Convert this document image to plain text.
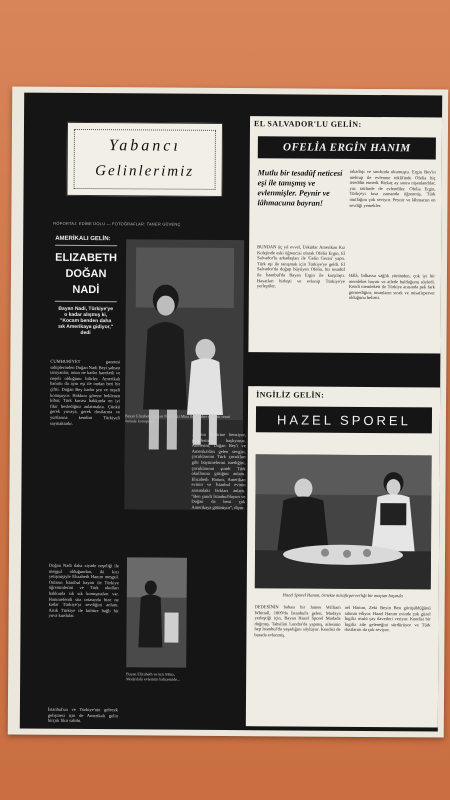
Yabancı
Gelinlerimiz
RÖPORTAJ: EDİBE DOLU — FOTOĞRAFLAR: TANER GÜVENÇ
AMERİKALI GELİN:
ELIZABETH
DOĞAN
NADİ
Bayan Nadi, Türkiye'ye o kadar alışmış ki, "Kocam benden daha sık Amerikaya gidiyor," dedi
CUMHURİYET gazetesi sahiplerinden Doğan Nadi Beyi şahsen tanıyanlar, onun ne kadar hareketli ve neşeli olduğunu bilirler. Amerikalı hanımı da aynı eşi ile ondan beri bir çiftti. Doğan Bey kadar şen ve neşeli konuşuyor. Hakkını görene beklenen kibar, Türk kocası hakkında en iyi fikir beslediğini anlatmakta. Çünkü gerek yuvaya, gerek dostlarına ve yurtlarına kendini Türkiyeli saymaktadır.
Doğan Nadi daha ziyade neşeliği ile meşgul olduğundan, iki kızı yetişmişiyle Elizabeth Hanım meşgul. Onların İstanbul hayatı ile Türkiye öğrenimlerini ve Türk okulları hakkında sık sık konuşmaları var. Hanımefendi söz ortasında bize ne kadar Türkiye'yi sevdiğini anlattı. Artık Türkiye ile kültüre bağlı bir yuva kurdular.
İstanbul'un ve Türkiye'nin gelecek gelişmesi için de Amerikalı gelin birçok fikir sahibi.
Bayan Elizabeth Doğan Nadi, kızı Mina ile beraber evin bir resmi önünde konuşuyor.
… nın birbirine benziyor, şehirlerini başlıyoruz. Ailelerini, Doğan Bey'i ve Amerika'dan gelen sevgisi, çocuklarının Türk çocukları gibi büyümelerini istediğini, çocuklarının şimdi Türk okullarına gittiğini anlattı. Elizabeth Hanım, Amerikan evinin ve İstanbul evinin arasındaki farkları anlattı. "Ben şimdi İstanbul'dayım ve Doğan da beni çok Amerikaya götürüyor", diyor.
Bayan Elizabeth ve kızı Mina, Moda'daki evlerinin bahçesinde...
EL SALVADOR'LU GELİN:
OFELİA ERGİN HANIM
Mutlu bir tesadüf neticesi eşi ile tanışmış ve evlenmişler. Peynir ve lâhmacuna bayran!
BUNDAN üç yıl evvel, Üsküdar Amerikan Kız Kolejinde eski öğrencisi olarak Ofelia Ergin, El Salvador'lu arkadaşları ile 'Gelin Gezisi' yaptı. Türk eşi ile tanışmak için Türkiye'ye geldi. El Salvador'da doğup büyüyen Ofelia, bir tesadüf ile İstanbul'da Bayan Ergin ile karşılaştı. Hayatları birleşti ve evlenip Türkiye'ye yerleştiler.
arkadaşı ve sınıfında okumuştu. Ergin Bey'in mektup ile evlenme teklifinde Ofelia hiç tereddüt etmedi. Birkaç ay sonra nişanlandılar, yaz tatilinde de evlendiler. Ofelia Ergin, Türkçeyi kısa zamanda öğrenmiş. Türk mutfağını çok seviyor. Peynir ve lâhmacun en sevdiği yemekler.
Hâlâ, bilhassa sağlık yönünden, çok iyi bir memleket hayatı ve ailede bulduğunu söyledi. Kendi memleketi ile Türkiye arasında pek fark görmediğini, insanların sıcak ve misafirperver olduğunu belirtti.
İNGİLİZ GELİN:
HAZEL SPOREL
Hazel Sporel Hanım, örnekte misafirperverliği bir maçtan başında
DEDESİNİN babası bir James William Whittall, 1809'da İstanbul'a gelen, Modaya yerleştiği için, Bayan Hazel Sporel Modada doğmuş. Tahsilini Londra'da yapmış, ailesinin hep İstanbul'da yaşadığını söylüyor. Kendisi de burada evlenmiş.
nel Hanım, Zeki Beyin Ben görüşüldüğünü tahmin ediyor. Hazel Hanım evinde çok güzel İngiliz usulü çay davetleri veriyor. Kendisi bir İngiliz aile geleneğini sürdürüyor ve Türk dostlarını da çok seviyor.
